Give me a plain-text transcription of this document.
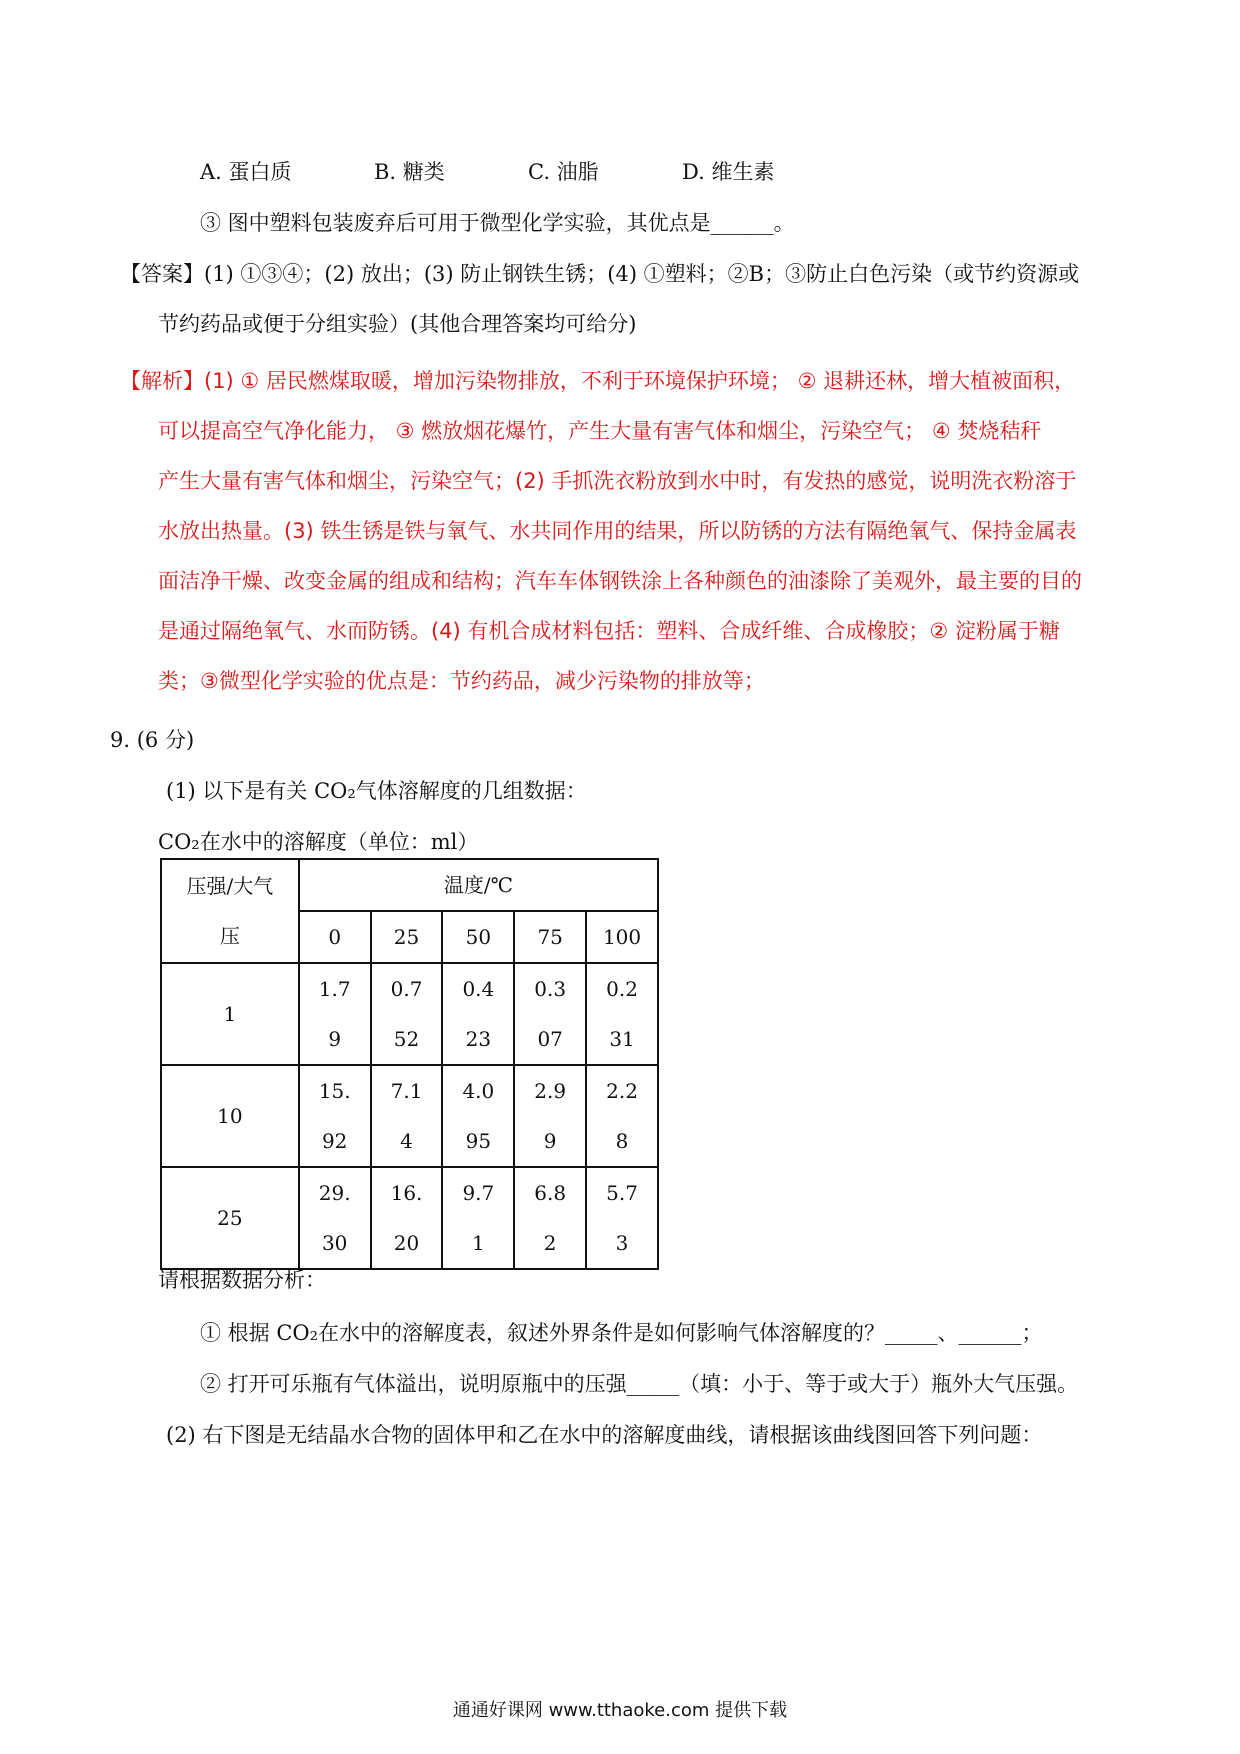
A. 蛋白质	B. 糖类	C. 油脂	D. 维生素
③ 图中塑料包装废弃后可用于微型化学实验，其优点是______。
【答案】(1) ①③④；(2) 放出；(3) 防止钢铁生锈；(4) ①塑料；②B；③防止白色污染（或节约资源或
节约药品或便于分组实验）(其他合理答案均可给分)
【解析】(1) ① 居民燃煤取暖，增加污染物排放，不利于环境保护环境； ② 退耕还林，增大植被面积，
可以提高空气净化能力， ③ 燃放烟花爆竹，产生大量有害气体和烟尘，污染空气； ④ 焚烧秸秆
产生大量有害气体和烟尘，污染空气；(2) 手抓洗衣粉放到水中时，有发热的感觉，说明洗衣粉溶于
水放出热量。(3) 铁生锈是铁与氧气、水共同作用的结果，所以防锈的方法有隔绝氧气、保持金属表
面洁净干燥、改变金属的组成和结构；汽车车体钢铁涂上各种颜色的油漆除了美观外，最主要的目的
是通过隔绝氧气、水而防锈。(4) 有机合成材料包括：塑料、合成纤维、合成橡胶；② 淀粉属于糖
类；③微型化学实验的优点是：节约药品，减少污染物的排放等；
9. (6 分)
(1) 以下是有关 CO₂气体溶解度的几组数据：
CO₂在水中的溶解度（单位：ml）
压强/大气压	温度/℃				
	0	25	50	75	100
1	1.79	0.752	0.423	0.307	0.231
10	15.92	7.14	4.095	2.99	2.28
25	29.30	16.20	9.71	6.82	5.73
请根据数据分析：
① 根据 CO₂在水中的溶解度表，叙述外界条件是如何影响气体溶解度的？_____、______；
② 打开可乐瓶有气体溢出，说明原瓶中的压强_____（填：小于、等于或大于）瓶外大气压强。
(2) 右下图是无结晶水合物的固体甲和乙在水中的溶解度曲线，请根据该曲线图回答下列问题：
通通好课网 www.tthaoke.com 提供下载
